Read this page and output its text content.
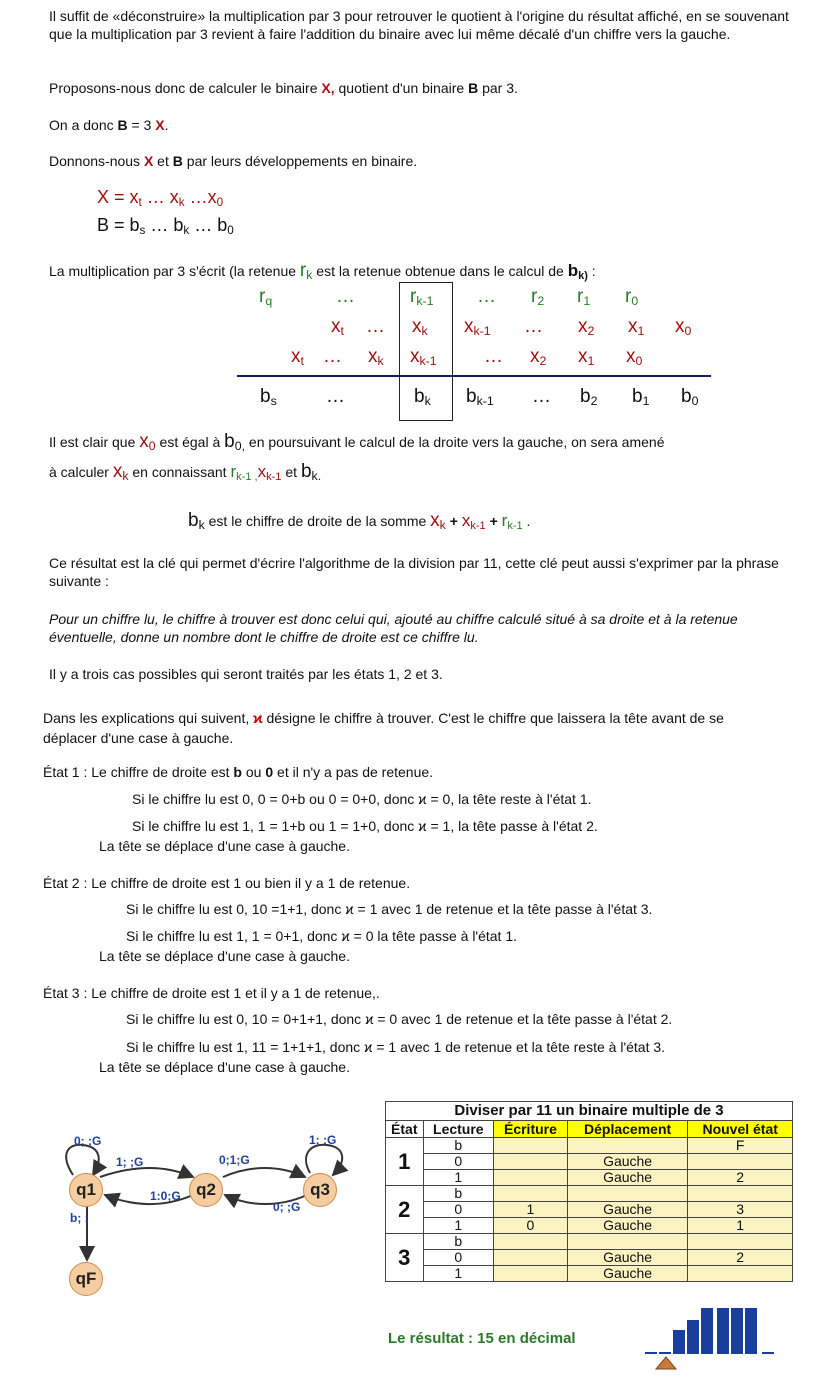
Il suffit de «déconstruire» la multiplication par 3 pour retrouver le quotient à l'origine du résultat affiché, en se souvenant que la multiplication par 3 revient à faire l'addition du binaire avec lui même décalé d'un chiffre vers la gauche.
Proposons-nous donc de calculer le binaire X, quotient d'un binaire B par 3.
On a donc B = 3 X.
Donnons-nous X et B par leurs développements en binaire.
$X = x_t$ … $x_k$ $\dots x_0$
$B = b_s$ … $b_k$ … $b_0$
La multiplication par 3 s'écrit (la retenue $r_k$ est la retenue obtenue dans le calcul de $b_{k)}$ :
$r_q$	…	$r_{k-1}$ … $r_2$ $r_1$ $r_0$
$x_t$ … $x_k$ $x_{k-1}$ … $x_2$ $x_1$ $x_0$
$x_t$ … $x_k$ $x_{k-1}$ … $x_2$ $x_1$ $x_0$
$b_s$	…	$b_k$ $b_{k-1}$ … $b_2$ $b_1$ $b_0$
Il est clair que $x_0$ est égal à $b_{0,}$ en poursuivant le calcul de la droite vers la gauche, on sera amené
à calculer $x_k$ en connaissant $r_{k-1 ,}x_{k-1}$ et $b_{k.}$
$b_k$ est le chiffre de droite de la somme $x_k + x_{k-1} + r_{k-1}$ .
Ce résultat est la clé qui permet d'écrire l'algorithme de la division par 11, cette clé peut aussi s'exprimer par la phrase suivante :
Pour un chiffre lu, le chiffre à trouver est donc celui qui, ajouté au chiffre calculé situé à sa droite et à la retenue éventuelle, donne un nombre dont le chiffre de droite est ce chiffre lu.
Il y a trois cas possibles qui seront traités par les états 1, 2 et 3.
Dans les explications qui suivent, ϰ désigne le chiffre à trouver. C'est le chiffre que laissera la tête avant de se déplacer d'une case à gauche.
État 1 : Le chiffre de droite est b ou 0 et il n'y a pas de retenue.
Si le chiffre lu est 0, 0 = 0+b ou 0 = 0+0, donc ϰ = 0, la tête reste à l'état 1.
Si le chiffre lu est 1, 1 = 1+b ou 1 = 1+0, donc ϰ = 1, la tête passe à l'état 2.
La tête se déplace d'une case à gauche.
État 2 : Le chiffre de droite est 1 ou bien il y a 1 de retenue.
Si le chiffre lu est 0, 10 =1+1, donc ϰ = 1 avec 1 de retenue et la tête passe à l'état 3.
Si le chiffre lu est 1, 1 = 0+1, donc ϰ = 0 la tête passe à l'état 1.
La tête se déplace d'une case à gauche.
État 3 : Le chiffre de droite est 1 et il y a 1 de retenue,.
Si le chiffre lu est 0, 10 = 0+1+1, donc ϰ = 0 avec 1 de retenue et la tête passe à l'état 2.
Si le chiffre lu est 1, 11 = 1+1+1, donc ϰ = 1 avec 1 de retenue et la tête reste à l'état 3.
La tête se déplace d'une case à gauche.
q1	q2	q3
qF
0; ;G
1; ;G
1:0;G
0;1;G
0; ;G
1; ;G
b; ;
Diviser par 11 un binaire multiple de 3				
État	Lecture	Écriture	Déplacement	Nouvel état
1	b			F
	0		Gauche	
	1		Gauche	2
2	b			
	0	1	Gauche	3
	1	0	Gauche	1
3	b			
	0		Gauche	2
	1		Gauche	
Le résultat : 15 en décimal
